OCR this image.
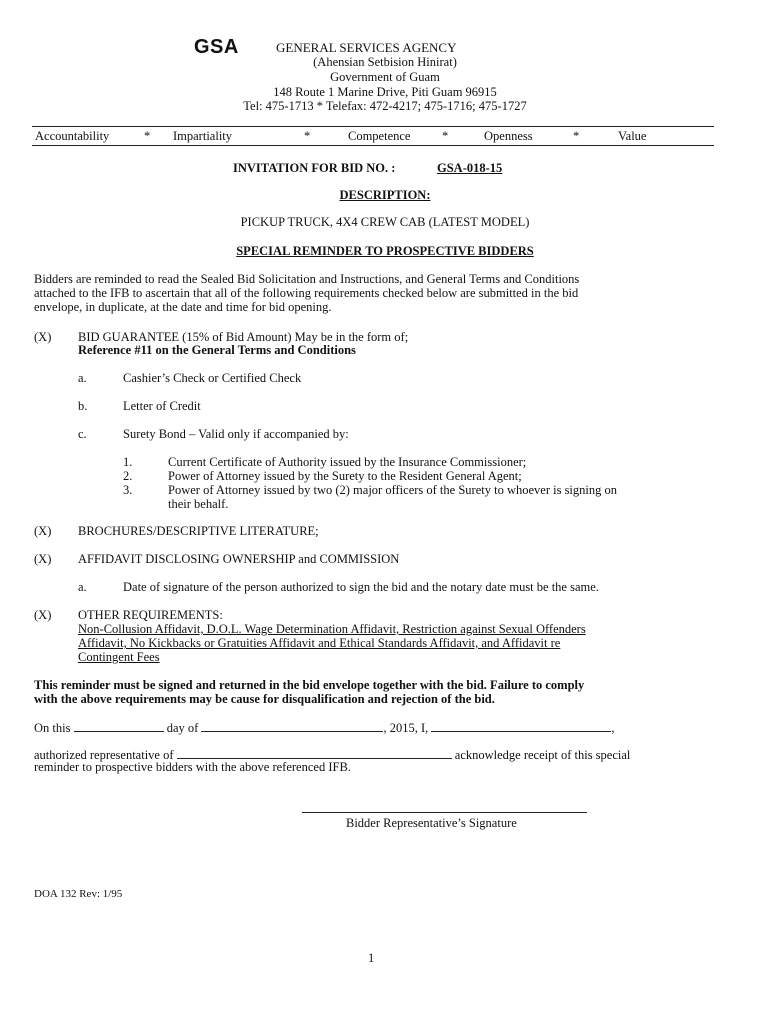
GSA	GENERAL SERVICES AGENCY
(Ahensian Setbision Hinirat)
Government of Guam
148 Route 1 Marine Drive, Piti Guam 96915
Tel: 475-1713 * Telefax: 472-4217; 475-1716; 475-1727
Accountability	* Impartiality	*	Competence	*	Openness	*	Value
INVITATION FOR BID NO. :	GSA-018-15
DESCRIPTION:
PICKUP TRUCK, 4X4 CREW CAB (LATEST MODEL)
SPECIAL REMINDER TO PROSPECTIVE BIDDERS
Bidders are reminded to read the Sealed Bid Solicitation and Instructions, and General Terms and Conditions
attached to the IFB to ascertain that all of the following requirements checked below are submitted in the bid
envelope, in duplicate, at the date and time for bid opening.
(X) BID GUARANTEE (15% of Bid Amount) May be in the form of;
Reference #11 on the General Terms and Conditions
a.	Cashier’s Check or Certified Check
b.	Letter of Credit
c.	Surety Bond – Valid only if accompanied by:
1.	Current Certificate of Authority issued by the Insurance Commissioner;
2.	Power of Attorney issued by the Surety to the Resident General Agent;
3.	Power of Attorney issued by two (2) major officers of the Surety to whoever is signing on
their behalf.
(X) BROCHURES/DESCRIPTIVE LITERATURE;
(X) AFFIDAVIT DISCLOSING OWNERSHIP and COMMISSION
a.	Date of signature of the person authorized to sign the bid and the notary date must be the same.
(X) OTHER REQUIREMENTS:
Non-Collusion Affidavit, D.O.L. Wage Determination Affidavit, Restriction against Sexual Offenders
Affidavit, No Kickbacks or Gratuities Affidavit and Ethical Standards Affidavit, and Affidavit re
Contingent Fees
This reminder must be signed and returned in the bid envelope together with the bid. Failure to comply
with the above requirements may be cause for disqualification and rejection of the bid.
On this	day of	, 2015, I,	,
authorized representative of	acknowledge receipt of this special
reminder to prospective bidders with the above referenced IFB.
Bidder Representative’s Signature
DOA 132 Rev: 1/95
1
